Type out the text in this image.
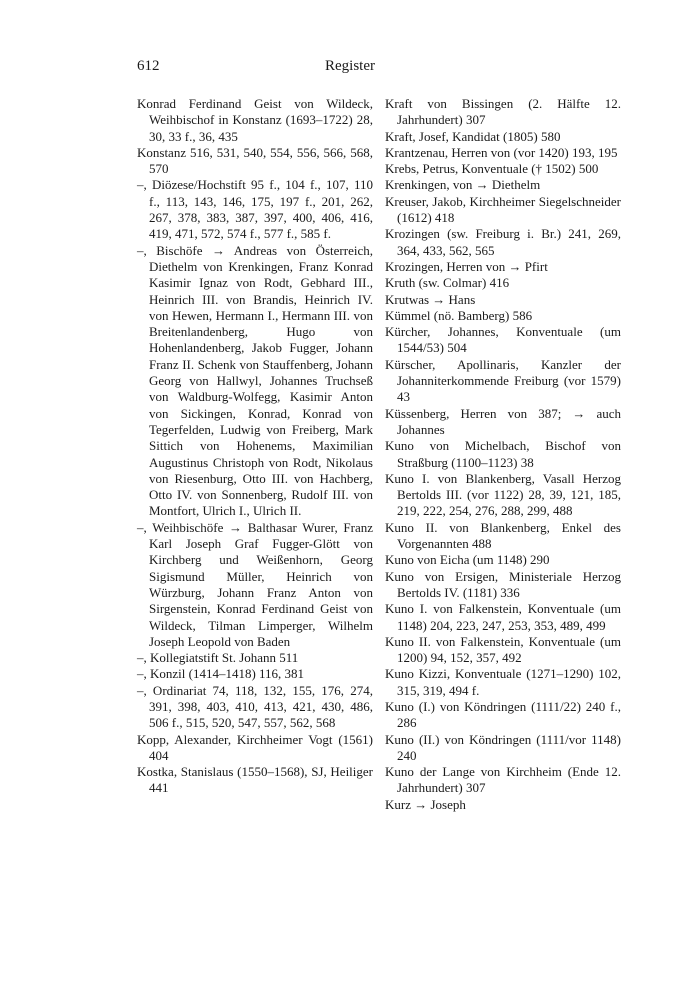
612	Register

Konrad Ferdinand Geist von Wildeck, Weihbischof in Konstanz (1693–1722) 28, 30, 33 f., 36, 435

Konstanz 516, 531, 540, 554, 556, 566, 568, 570

–, Diözese/Hochstift 95 f., 104 f., 107, 110 f., 113, 143, 146, 175, 197 f., 201, 262, 267, 378, 383, 387, 397, 400, 406, 416, 419, 471, 572, 574 f., 577 f., 585 f.

–, Bischöfe → Andreas von Österreich, Diethelm von Krenkingen, Franz Konrad Kasimir Ignaz von Rodt, Gebhard III., Heinrich III. von Brandis, Heinrich IV. von Hewen, Hermann I., Hermann III. von Breitenlandenberg, Hugo von Hohenlandenberg, Jakob Fugger, Johann Franz II. Schenk von Stauffenberg, Johann Georg von Hallwyl, Johannes Truchseß von Waldburg-Wolfegg, Kasimir Anton von Sickingen, Konrad, Konrad von Tegerfelden, Ludwig von Freiberg, Mark Sittich von Hohenems, Maximilian Augustinus Christoph von Rodt, Nikolaus von Riesenburg, Otto III. von Hachberg, Otto IV. von Sonnenberg, Rudolf III. von Montfort, Ulrich I., Ulrich II.

–, Weihbischöfe → Balthasar Wurer, Franz Karl Joseph Graf Fugger-Glött von Kirchberg und Weißenhorn, Georg Sigismund Müller, Heinrich von Würzburg, Johann Franz Anton von Sirgenstein, Konrad Ferdinand Geist von Wildeck, Tilman Limperger, Wilhelm Joseph Leopold von Baden

–, Kollegiatstift St. Johann 511

–, Konzil (1414–1418) 116, 381

–, Ordinariat 74, 118, 132, 155, 176, 274, 391, 398, 403, 410, 413, 421, 430, 486, 506 f., 515, 520, 547, 557, 562, 568

Kopp, Alexander, Kirchheimer Vogt (1561) 404

Kostka, Stanislaus (1550–1568), SJ, Heiliger 441

Kraft von Bissingen (2. Hälfte 12. Jahrhundert) 307

Kraft, Josef, Kandidat (1805) 580

Krantzenau, Herren von (vor 1420) 193, 195

Krebs, Petrus, Konventuale († 1502) 500

Krenkingen, von → Diethelm

Kreuser, Jakob, Kirchheimer Siegelschneider (1612) 418

Krozingen (sw. Freiburg i. Br.) 241, 269, 364, 433, 562, 565

Krozingen, Herren von → Pfirt

Kruth (sw. Colmar) 416

Krutwas → Hans

Kümmel (nö. Bamberg) 586

Kürcher, Johannes, Konventuale (um 1544/53) 504

Kürscher, Apollinaris, Kanzler der Johanniterkommende Freiburg (vor 1579) 43

Küssenberg, Herren von 387; → auch Johannes

Kuno von Michelbach, Bischof von Straßburg (1100–1123) 38

Kuno I. von Blankenberg, Vasall Herzog Bertolds III. (vor 1122) 28, 39, 121, 185, 219, 222, 254, 276, 288, 299, 488

Kuno II. von Blankenberg, Enkel des Vorgenannten 488

Kuno von Eicha (um 1148) 290

Kuno von Ersigen, Ministeriale Herzog Bertolds IV. (1181) 336

Kuno I. von Falkenstein, Konventuale (um 1148) 204, 223, 247, 253, 353, 489, 499

Kuno II. von Falkenstein, Konventuale (um 1200) 94, 152, 357, 492

Kuno Kizzi, Konventuale (1271–1290) 102, 315, 319, 494 f.

Kuno (I.) von Köndringen (1111/22) 240 f., 286

Kuno (II.) von Köndringen (1111/vor 1148) 240

Kuno der Lange von Kirchheim (Ende 12. Jahrhundert) 307

Kurz → Joseph
